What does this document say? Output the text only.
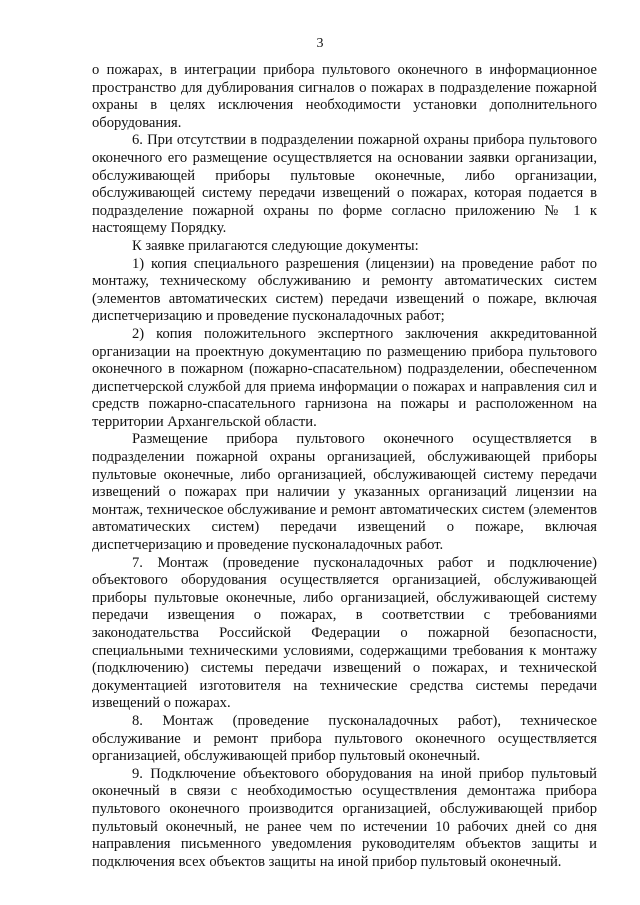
3

о пожарах, в интеграции прибора пультового оконечного в информационное пространство для дублирования сигналов о пожарах в подразделение пожарной охраны в целях исключения необходимости установки дополнительного оборудования.

6. При отсутствии в подразделении пожарной охраны прибора пультового оконечного его размещение осуществляется на основании заявки организации, обслуживающей приборы пультовые оконечные, либо организации, обслуживающей систему передачи извещений о пожарах, которая подается в подразделение пожарной охраны по форме согласно приложению № 1 к настоящему Порядку.

К заявке прилагаются следующие документы:

1) копия специального разрешения (лицензии) на проведение работ по монтажу, техническому обслуживанию и ремонту автоматических систем (элементов автоматических систем) передачи извещений о пожаре, включая диспетчеризацию и проведение пусконаладочных работ;

2) копия положительного экспертного заключения аккредитованной организации на проектную документацию по размещению прибора пультового оконечного в пожарном (пожарно-спасательном) подразделении, обеспеченном диспетчерской службой для приема информации о пожарах и направления сил и средств пожарно-спасательного гарнизона на пожары и расположенном на территории Архангельской области.

Размещение прибора пультового оконечного осуществляется в подразделении пожарной охраны организацией, обслуживающей приборы пультовые оконечные, либо организацией, обслуживающей систему передачи извещений о пожарах при наличии у указанных организаций лицензии на монтаж, техническое обслуживание и ремонт автоматических систем (элементов автоматических систем) передачи извещений о пожаре, включая диспетчеризацию и проведение пусконаладочных работ.

7. Монтаж (проведение пусконаладочных работ и подключение) объектового оборудования осуществляется организацией, обслуживающей приборы пультовые оконечные, либо организацией, обслуживающей систему передачи извещения о пожарах, в соответствии с требованиями законодательства Российской Федерации о пожарной безопасности, специальными техническими условиями, содержащими требования к монтажу (подключению) системы передачи извещений о пожарах, и технической документацией изготовителя на технические средства системы передачи извещений о пожарах.

8. Монтаж (проведение пусконаладочных работ), техническое обслуживание и ремонт прибора пультового оконечного осуществляется организацией, обслуживающей прибор пультовый оконечный.

9. Подключение объектового оборудования на иной прибор пультовый оконечный в связи с необходимостью осуществления демонтажа прибора пультового оконечного производится организацией, обслуживающей прибор пультовый оконечный, не ранее чем по истечении 10 рабочих дней со дня направления письменного уведомления руководителям объектов защиты и подключения всех объектов защиты на иной прибор пультовый оконечный.
